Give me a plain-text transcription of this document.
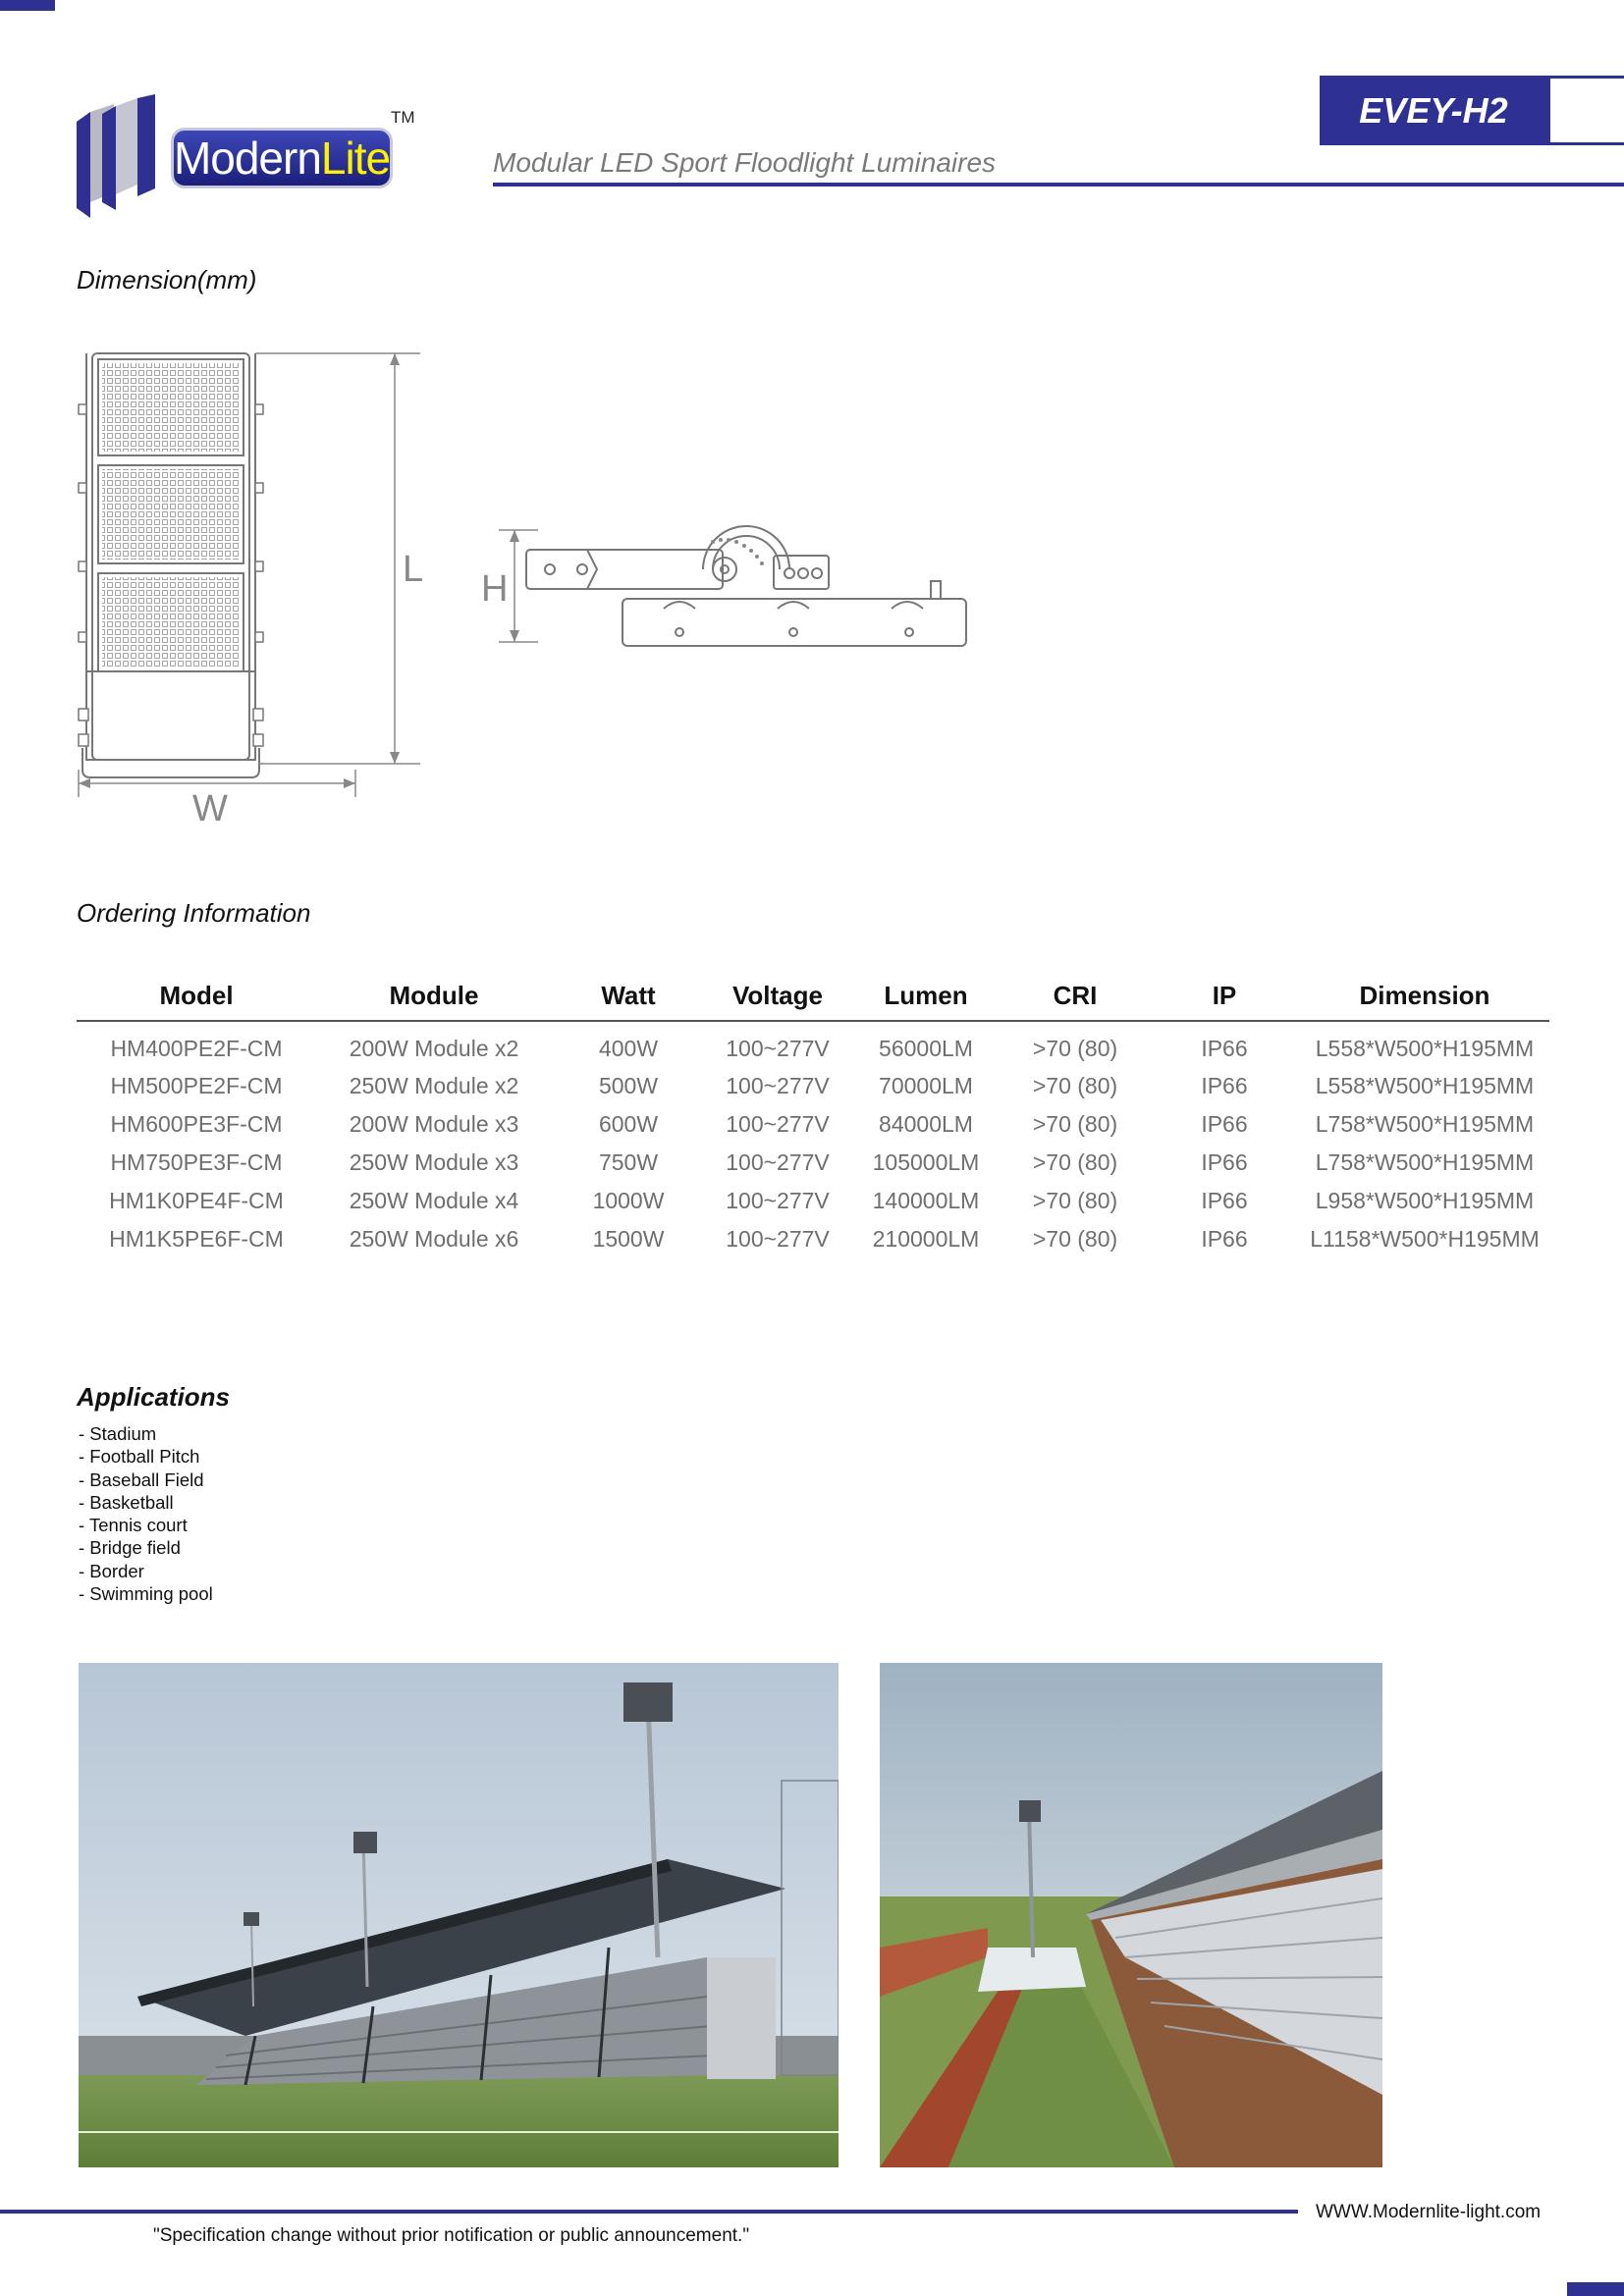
Modern Lite
TM	EVEY-H2
Modular LED Sport Floodlight Luminaires
Dimension(mm)
L
W
H
Ordering Information
Model	Module	Watt	Voltage	Lumen	CRI	IP	Dimension
HM400PE2F-CM	200W Module x2	400W	100~277V	56000LM	>70 (80)	IP66	L558*W500*H195MM
HM500PE2F-CM	250W Module x2	500W	100~277V	70000LM	>70 (80)	IP66	L558*W500*H195MM
HM600PE3F-CM	200W Module x3	600W	100~277V	84000LM	>70 (80)	IP66	L758*W500*H195MM
HM750PE3F-CM	250W Module x3	750W	100~277V	105000LM	>70 (80)	IP66	L758*W500*H195MM
HM1K0PE4F-CM	250W Module x4	1000W	100~277V	140000LM	>70 (80)	IP66	L958*W500*H195MM
HM1K5PE6F-CM	250W Module x6	1500W	100~277V	210000LM	>70 (80)	IP66	L1158*W500*H195MM
Applications
- Stadium
- Football Pitch
- Baseball Field
- Basketball
- Tennis court
- Bridge field
- Border
- Swimming pool
WWW.Modernlite-light.com
"Specification change without prior notification or public announcement."
